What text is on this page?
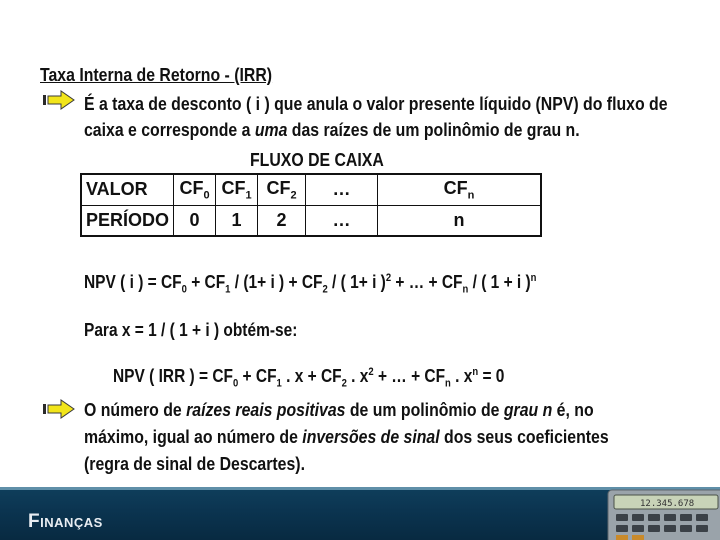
Taxa Interna de Retorno - (IRR)
É a taxa de desconto ( i ) que anula o valor presente líquido (NPV) do fluxo de
caixa e corresponde a uma das raízes de um polinômio de grau n.
FLUXO DE CAIXA
VALOR	$CF_0$	$CF_1$	$CF_2$	…	$CF_n$
PERÍODO	0	1	2	…	n
NPV ( i ) = $CF_0 + CF_1 / (1+ i$ ) + $CF_2$ / ( 1+ i )$^2$ + … + $CF_n$ / ( 1 + i )$^n$
Para x = 1 / ( 1 + i ) obtém-se:
NPV ( IRR ) = $CF_0 + CF_1$ . $x + CF_2$ . $x^2$ + … + $CF_n$ . $x^n = 0$
O número de raízes reais positivas de um polinômio de grau n é, no
máximo, igual ao número de inversões de sinal dos seus coeficientes
(regra de sinal de Descartes).
Finanças
12.345.678
